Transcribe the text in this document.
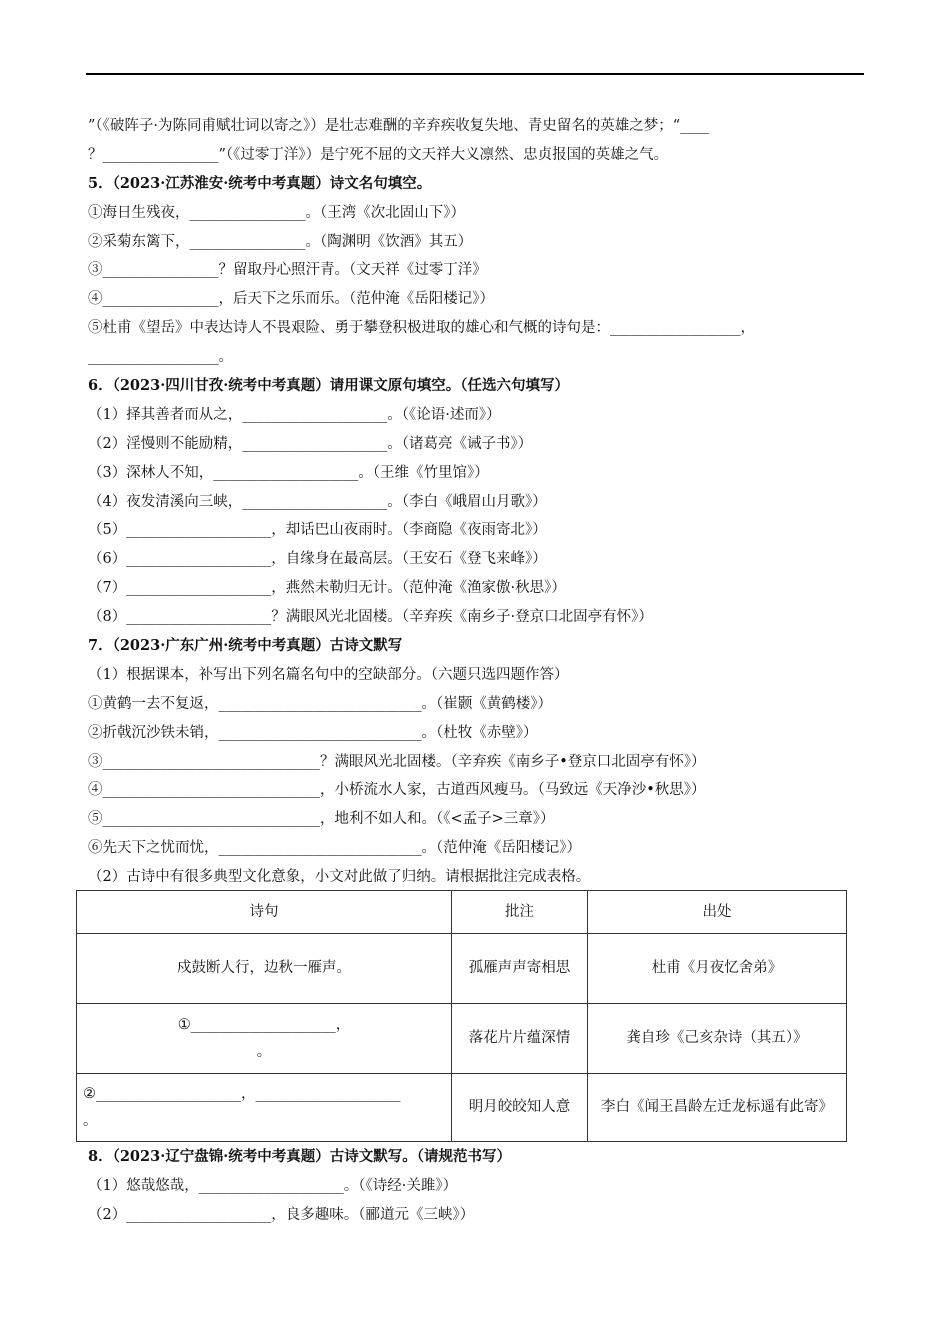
”（《破阵子·为陈同甫赋壮词以寄之》）是壮志难酬的辛弃疾收复失地、青史留名的英雄之梦；“____
？________________”（《过零丁洋》）是宁死不屈的文天祥大义凛然、忠贞报国的英雄之气。
5．（2023·江苏淮安·统考中考真题）诗文名句填空。
①海日生残夜，________________。（王湾《次北固山下》）
②采菊东篱下，________________。（陶渊明《饮酒》其五）
③________________？留取丹心照汗青。（文天祥《过零丁洋》
④________________，后天下之乐而乐。（范仲淹《岳阳楼记》）
⑤杜甫《望岳》中表达诗人不畏艰险、勇于攀登积极进取的雄心和气概的诗句是：__________________，
__________________。
6．（2023·四川甘孜·统考中考真题）请用课文原句填空。（任选六句填写）
（1）择其善者而从之，____________________。（《论语·述而》）
（2）淫慢则不能励精，____________________。（诸葛亮《诫子书》）
（3）深林人不知，____________________。（王维《竹里馆》）
（4）夜发清溪向三峡，____________________。（李白《峨眉山月歌》）
（5）____________________，却话巴山夜雨时。（李商隐《夜雨寄北》）
（6）____________________，自缘身在最高层。（王安石《登飞来峰》）
（7）____________________，燕然未勒归无计。（范仲淹《渔家傲·秋思》）
（8）____________________？满眼风光北固楼。（辛弃疾《南乡子·登京口北固亭有怀》）
7．（2023·广东广州·统考中考真题）古诗文默写
（1）根据课本，补写出下列名篇名句中的空缺部分。（六题只选四题作答）
①黄鹤一去不复返，____________________________。（崔颢《黄鹤楼》）
②折戟沉沙铁未销，____________________________。（杜牧《赤壁》）
③______________________________？满眼风光北固楼。（辛弃疾《南乡子•登京口北固亭有怀》）
④______________________________，小桥流水人家，古道西风瘦马。（马致远《天净沙•秋思》）
⑤______________________________，地利不如人和。（《<孟子>三章》）
⑥先天下之忧而忧，____________________________。（范仲淹《岳阳楼记》）
（2）古诗中有很多典型文化意象，小文对此做了归纳。请根据批注完成表格。
诗句	批注	出处
戍鼓断人行，边秋一雁声。	孤雁声声寄相思	杜甫《月夜忆舍弟》

①____________________，
。	落花片片蕴深情	龚自珍《己亥杂诗（其五）》

②____________________，____________________
。	明月皎皎知人意	李白《闻王昌龄左迁龙标遥有此寄》
8．（2023·辽宁盘锦·统考中考真题）古诗文默写。（请规范书写）
（1）悠哉悠哉，____________________。（《诗经·关雎》）
（2）____________________，良多趣味。（郦道元《三峡》）
